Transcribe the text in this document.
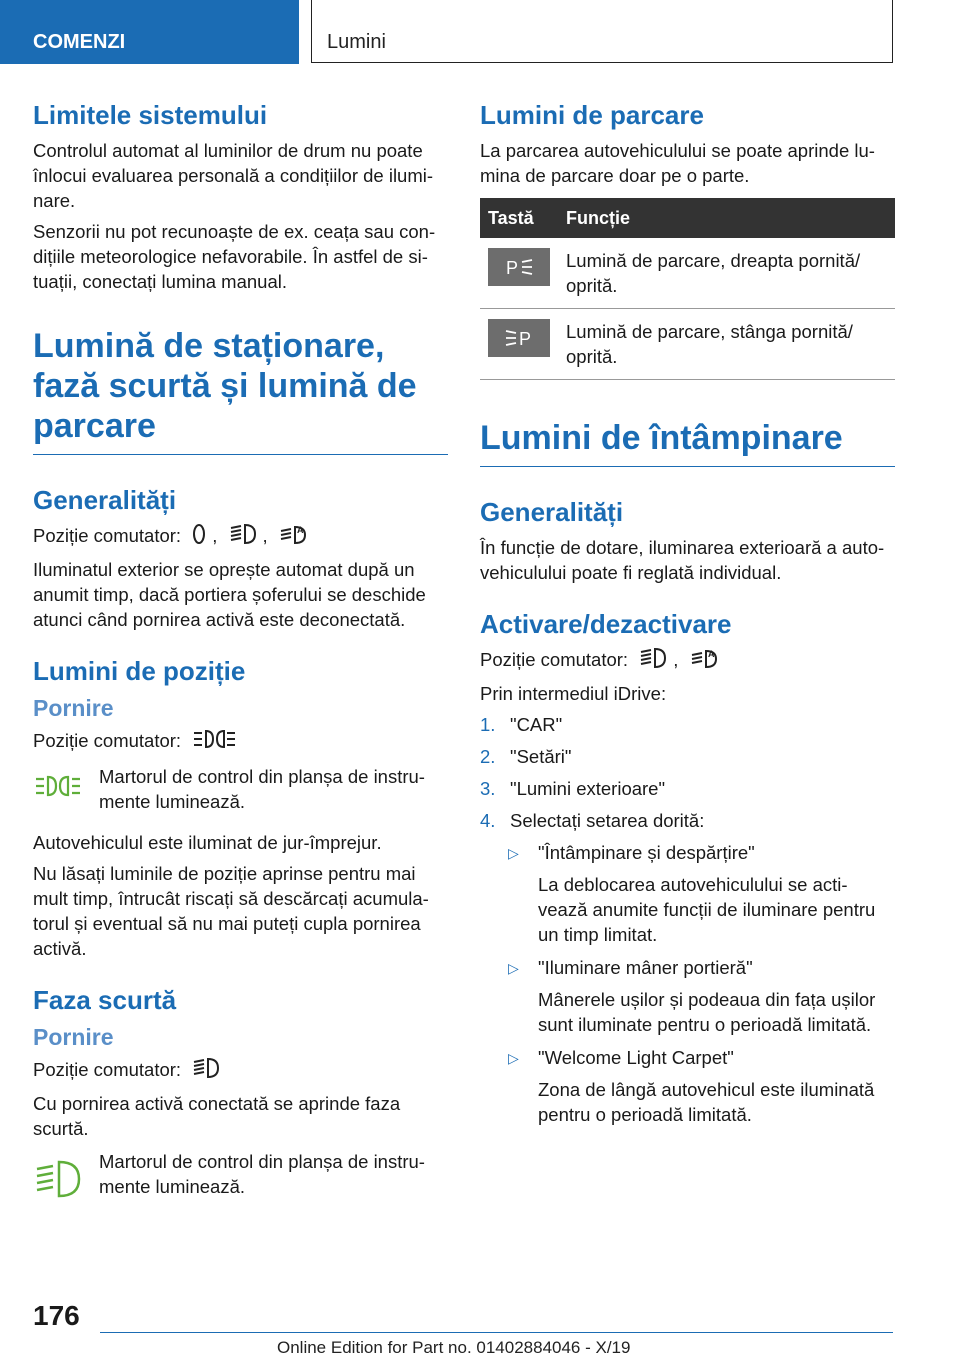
COMENZI	Lumini
Limitele sistemului

Controlul automat al luminilor de drum nu poate înlocui evaluarea personală a condițiilor de ilumi-nare.

Senzorii nu pot recunoaște de ex. ceața sau con-dițiile meteorologice nefavorabile. În astfel de si-tuații, conectați lumina manual.

Lumină de staționare, fază scurtă și lumină de parcare
Generalități

Poziție comutator: , ,	A

Iluminatul exterior se oprește automat după un anumit timp, dacă portiera șoferului se deschide atunci când pornirea activă este deconectată.

Lumini de poziție
Pornire

Poziție comutator:

Martorul de control din planșa de instru-mente luminează.

Autovehiculul este iluminat de jur-împrejur.

Nu lăsați luminile de poziție aprinse pentru mai mult timp, întrucât riscați să descărcați acumula-torul și eventual să nu mai puteți cupla pornirea activă.

Faza scurtă
Pornire

Poziție comutator:

Cu pornirea activă conectată se aprinde faza scurtă.

Martorul de control din planșa de instru-mente luminează.

Lumini de parcare

La parcarea autovehiculului se poate aprinde lu-mina de parcare doar pe o parte.

Tastă	Funcție

P	Lumină de parcare, dreapta pornită/ oprită.

P	Lumină de parcare, stânga pornită/ oprită.
Lumini de întâmpinare
Generalități

În funcție de dotare, iluminarea exterioară a auto-vehiculului poate fi reglată individual.

Activare/dezactivare

Poziție comutator: ,	A

Prin intermediul iDrive:

1. "CAR"
2. "Setări"
3. "Lumini exterioare"
4. Selectați setarea dorită:
▷ "Întâmpinare și despărțire"
La deblocarea autovehiculului se acti-vează anumite funcții de iluminare pentru un timp limitat.
▷ "Iluminare mâner portieră"
Mânerele ușilor și podeaua din fața ușilor sunt iluminate pentru o perioadă limitată.
▷ "Welcome Light Carpet"
Zona de lângă autovehicul este iluminată pentru o perioadă limitată.
176
Online Edition for Part no. 01402884046 - X/19
